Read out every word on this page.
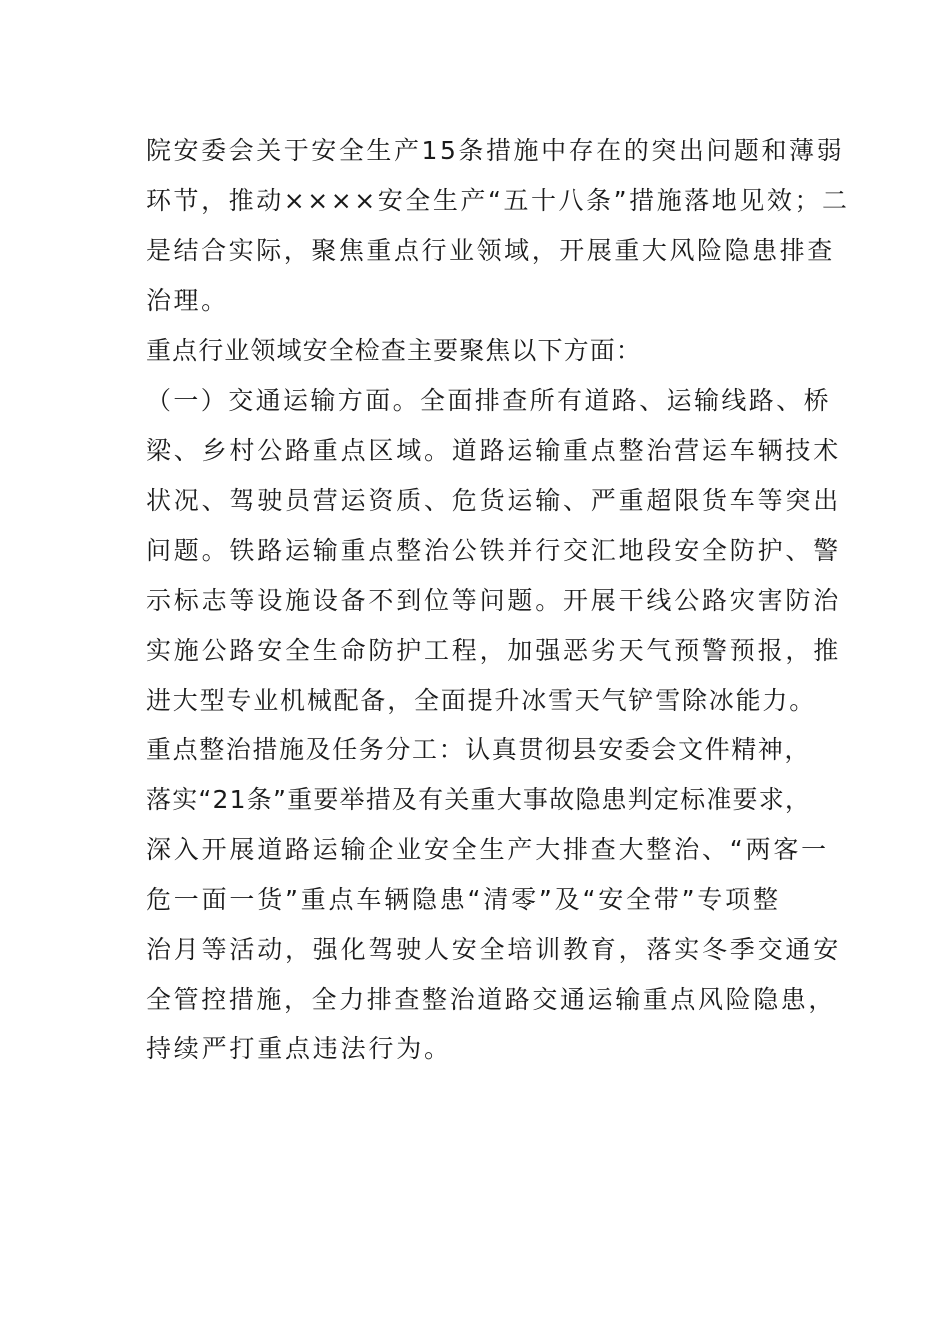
院安委会关于安全生产15条措施中存在的突出问题和薄弱
环节，推动××××安全生产“五十八条”措施落地见效；二
是结合实际，聚焦重点行业领域，开展重大风险隐患排查
治理。
重点行业领域安全检查主要聚焦以下方面：
（一）交通运输方面。全面排查所有道路、运输线路、桥
梁、乡村公路重点区域。道路运输重点整治营运车辆技术
状况、驾驶员营运资质、危货运输、严重超限货车等突出
问题。铁路运输重点整治公铁并行交汇地段安全防护、警
示标志等设施设备不到位等问题。开展干线公路灾害防治
实施公路安全生命防护工程，加强恶劣天气预警预报，推
进大型专业机械配备，全面提升冰雪天气铲雪除冰能力。
重点整治措施及任务分工：认真贯彻县安委会文件精神，
落实“21条”重要举措及有关重大事故隐患判定标准要求，
深入开展道路运输企业安全生产大排查大整治、“两客一
危一面一货”重点车辆隐患“清零”及“安全带”专项整
治月等活动，强化驾驶人安全培训教育，落实冬季交通安
全管控措施，全力排查整治道路交通运输重点风险隐患，
持续严打重点违法行为。
